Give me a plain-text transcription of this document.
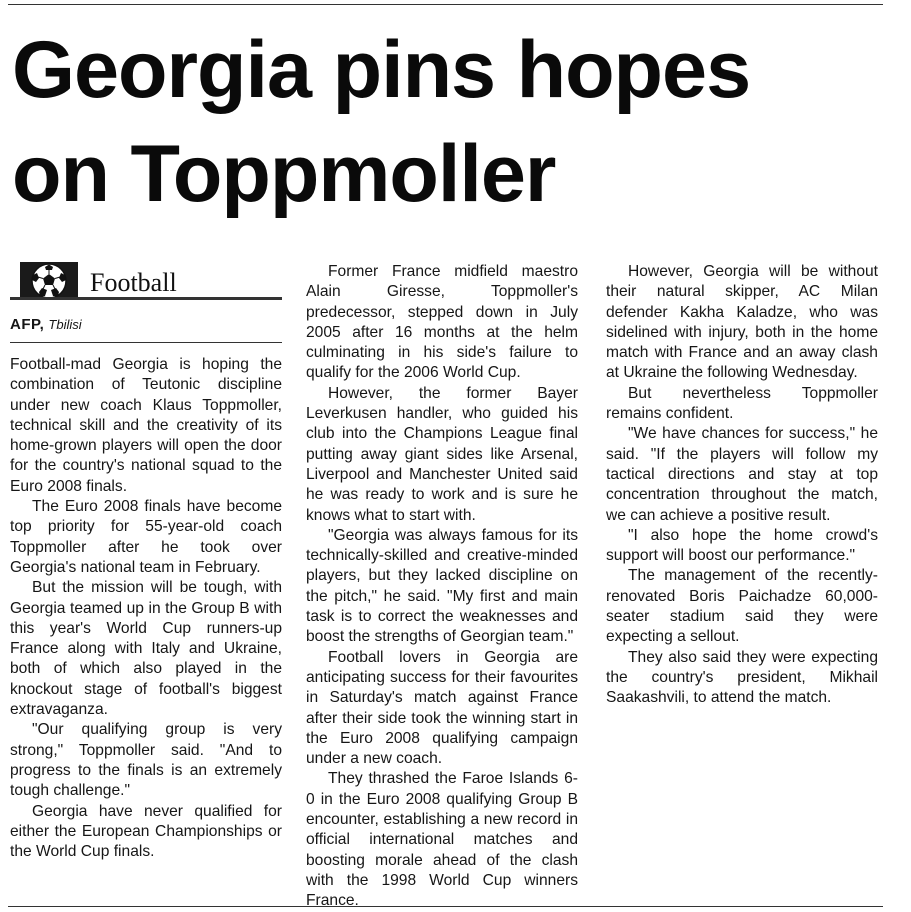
Georgia pins hopes
on Toppmoller
Football
AFP, Tbilisi

Football-mad Georgia is hoping the combination of Teutonic discipline under new coach Klaus Toppmoller, technical skill and the creativity of its home-grown players will open the door for the country's national squad to the Euro 2008 finals.

The Euro 2008 finals have become top priority for 55-year-old coach Toppmoller after he took over Georgia's national team in February.

But the mission will be tough, with Georgia teamed up in the Group B with this year's World Cup runners-up France along with Italy and Ukraine, both of which also played in the knockout stage of football's biggest extravaganza.

"Our qualifying group is very strong," Toppmoller said. "And to progress to the finals is an extremely tough challenge."

Georgia have never qualified for either the European Championships or the World Cup finals.

Former France midfield maestro Alain Giresse, Toppmoller's predecessor, stepped down in July 2005 after 16 months at the helm culminating in his side's failure to qualify for the 2006 World Cup.

However, the former Bayer Leverkusen handler, who guided his club into the Champions League final putting away giant sides like Arsenal, Liverpool and Manchester United said he was ready to work and is sure he knows what to start with.

"Georgia was always famous for its technically-skilled and creative-minded players, but they lacked discipline on the pitch," he said. "My first and main task is to correct the weaknesses and boost the strengths of Georgian team."

Football lovers in Georgia are anticipating success for their favourites in Saturday's match against France after their side took the winning start in the Euro 2008 qualifying campaign under a new coach.

They thrashed the Faroe Islands 6-0 in the Euro 2008 qualifying Group B encounter, establishing a new record in official international matches and boosting morale ahead of the clash with the 1998 World Cup winners France.

However, Georgia will be without their natural skipper, AC Milan defender Kakha Kaladze, who was sidelined with injury, both in the home match with France and an away clash at Ukraine the following Wednesday.

But nevertheless Toppmoller remains confident.

"We have chances for success," he said. "If the players will follow my tactical directions and stay at top concentration throughout the match, we can achieve a positive result.

"I also hope the home crowd's support will boost our performance."

The management of the recently-renovated Boris Paichadze 60,000-seater stadium said they were expecting a sellout.

They also said they were expecting the country's president, Mikhail Saakashvili, to attend the match.
